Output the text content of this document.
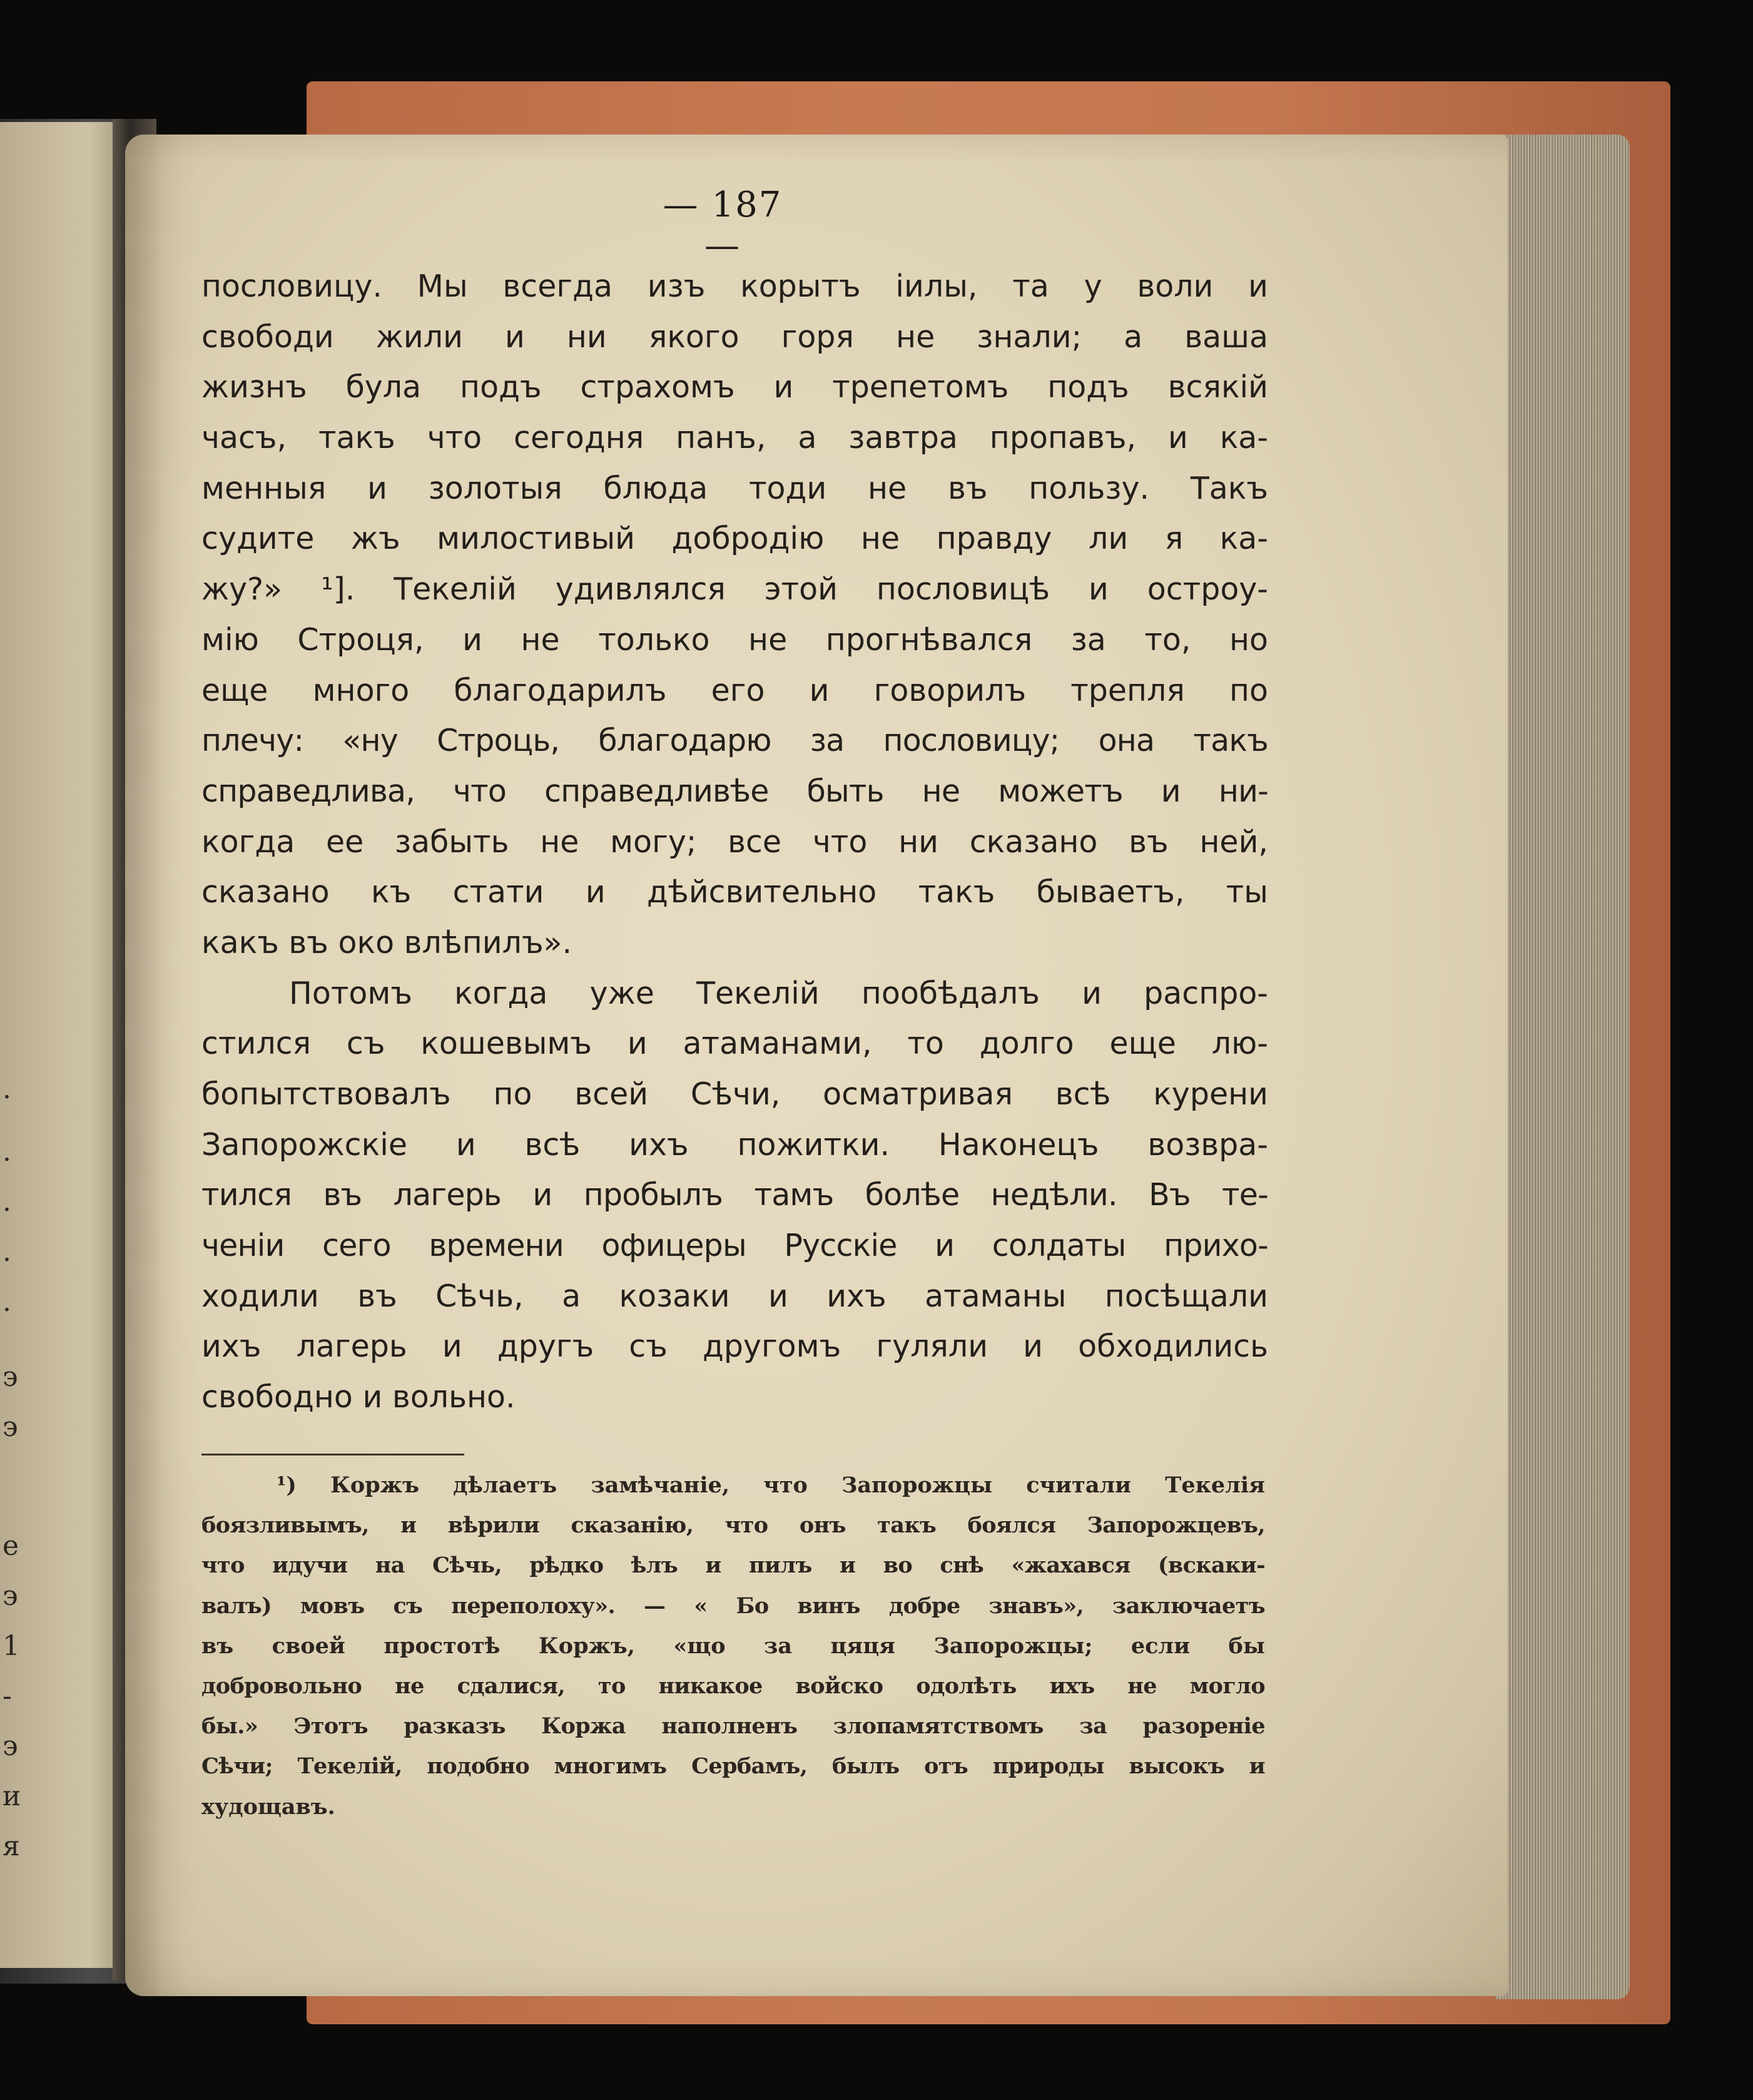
.
.
.
.
.
э
э
е
э
1
-
э
и
я
— 187 —
пословицу. Мы всегда изъ корытъ iилы, та у воли и
свободи жили и ни якого горя не знали; а ваша
жизнъ була подъ страхомъ и трепетомъ подъ всякiй
часъ, такъ что сегодня панъ, а завтра пропавъ, и ка-
менныя и золотыя блюда тоди не въ пользу. Такъ
судите жъ милостивый добродiю не правду ли я ка-
жу?» ¹]. Текелiй удивлялся этой пословицѣ и остроу-
мiю Строця, и не только не прогнѣвался за то, но
еще много благодарилъ его и говорилъ трепля по
плечу: «ну Строць, благодарю за пословицу; она такъ
справедлива, что справедливѣе быть не можетъ и ни-
когда ее забыть не могу; все что ни сказано въ ней,
сказано къ стати и дѣйсвительно такъ бываетъ, ты
какъ въ око влѣпилъ».
Потомъ когда уже Текелiй пообѣдалъ и распро-
стился съ кошевымъ и атаманами, то долго еще лю-
бопытствовалъ по всей Сѣчи, осматривая всѣ курени
Запорожскiе и всѣ ихъ пожитки. Наконецъ возвра-
тился въ лагерь и пробылъ тамъ болѣе недѣли. Въ те-
ченiи сего времени офицеры Русскiе и солдаты прихо-
ходили въ Сѣчь, а козаки и ихъ атаманы посѣщали
ихъ лагерь и другъ съ другомъ гуляли и обходились
свободно и вольно.
¹) Коржъ дѣлаетъ замѣчанiе, что Запорожцы считали Текелiя
боязливымъ, и вѣрили сказанiю, что онъ такъ боялся Запорожцевъ,
что идучи на Сѣчь, рѣдко ѣлъ и пилъ и во снѣ «жахався (вскаки-
валъ) мовъ съ переполоху». — « Бо винъ добре знавъ», заключаетъ
въ своей простотѣ Коржъ, «що за цяця Запорожцы; если бы
добровольно не сдалися, то никакое войско одолѣть ихъ не могло
бы.» Этотъ разказъ Коржа наполненъ злопамятствомъ за разоренiе
Сѣчи; Текелiй, подобно многимъ Сербамъ, былъ отъ природы высокъ и
худощавъ.
